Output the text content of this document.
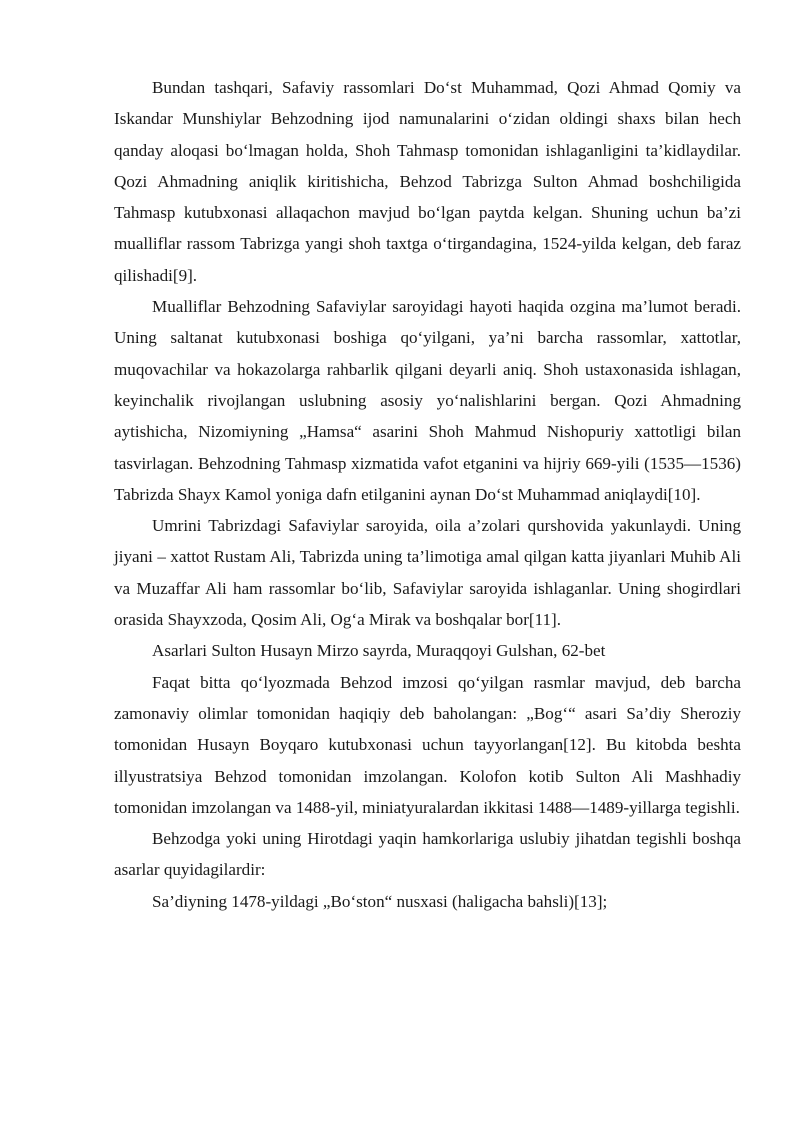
Bundan tashqari, Safaviy rassomlari Do‘st Muhammad, Qozi Ahmad Qomiy va Iskandar Munshiylar Behzodning ijod namunalarini o‘zidan oldingi shaxs bilan hech qanday aloqasi bo‘lmagan holda, Shoh Tahmasp tomonidan ishlaganligini ta’kidlaydilar. Qozi Ahmadning aniqlik kiritishicha, Behzod Tabrizga Sulton Ahmad boshchiligida Tahmasp kutubxonasi allaqachon mavjud bo‘lgan paytda kelgan. Shuning uchun ba’zi mualliflar rassom Tabrizga yangi shoh taxtga o‘tirgandagina, 1524-yilda kelgan, deb faraz qilishadi[9].

Mualliflar Behzodning Safaviylar saroyidagi hayoti haqida ozgina ma’lumot beradi. Uning saltanat kutubxonasi boshiga qo‘yilgani, ya’ni barcha rassomlar, xattotlar, muqovachilar va hokazolarga rahbarlik qilgani deyarli aniq. Shoh ustaxonasida ishlagan, keyinchalik rivojlangan uslubning asosiy yo‘nalishlarini bergan. Qozi Ahmadning aytishicha, Nizomiyning „Hamsa“ asarini Shoh Mahmud Nishopuriy xattotligi bilan tasvirlagan. Behzodning Tahmasp xizmatida vafot etganini va hijriy 669-yili (1535—1536) Tabrizda Shayx Kamol yoniga dafn etilganini aynan Do‘st Muhammad aniqlaydi[10].

Umrini Tabrizdagi Safaviylar saroyida, oila a’zolari qurshovida yakunlaydi. Uning jiyani – xattot Rustam Ali, Tabrizda uning ta’limotiga amal qilgan katta jiyanlari Muhib Ali va Muzaffar Ali ham rassomlar bo‘lib, Safaviylar saroyida ishlaganlar. Uning shogirdlari orasida Shayxzoda, Qosim Ali, Og‘a Mirak va boshqalar bor[11].

Asarlari Sulton Husayn Mirzo sayrda, Muraqqoyi Gulshan, 62-bet

Faqat bitta qo‘lyozmada Behzod imzosi qo‘yilgan rasmlar mavjud, deb barcha zamonaviy olimlar tomonidan haqiqiy deb baholangan: „Bog‘“ asari Sa’diy Sheroziy tomonidan Husayn Boyqaro kutubxonasi uchun tayyorlangan[12]. Bu kitobda beshta illyustratsiya Behzod tomonidan imzolangan. Kolofon kotib Sulton Ali Mashhadiy tomonidan imzolangan va 1488-yil, miniatyuralardan ikkitasi 1488—1489-yillarga tegishli.

Behzodga yoki uning Hirotdagi yaqin hamkorlariga uslubiy jihatdan tegishli boshqa asarlar quyidagilardir:

Sa’diyning 1478-yildagi „Bo‘ston“ nusxasi (haligacha bahsli)[13];
